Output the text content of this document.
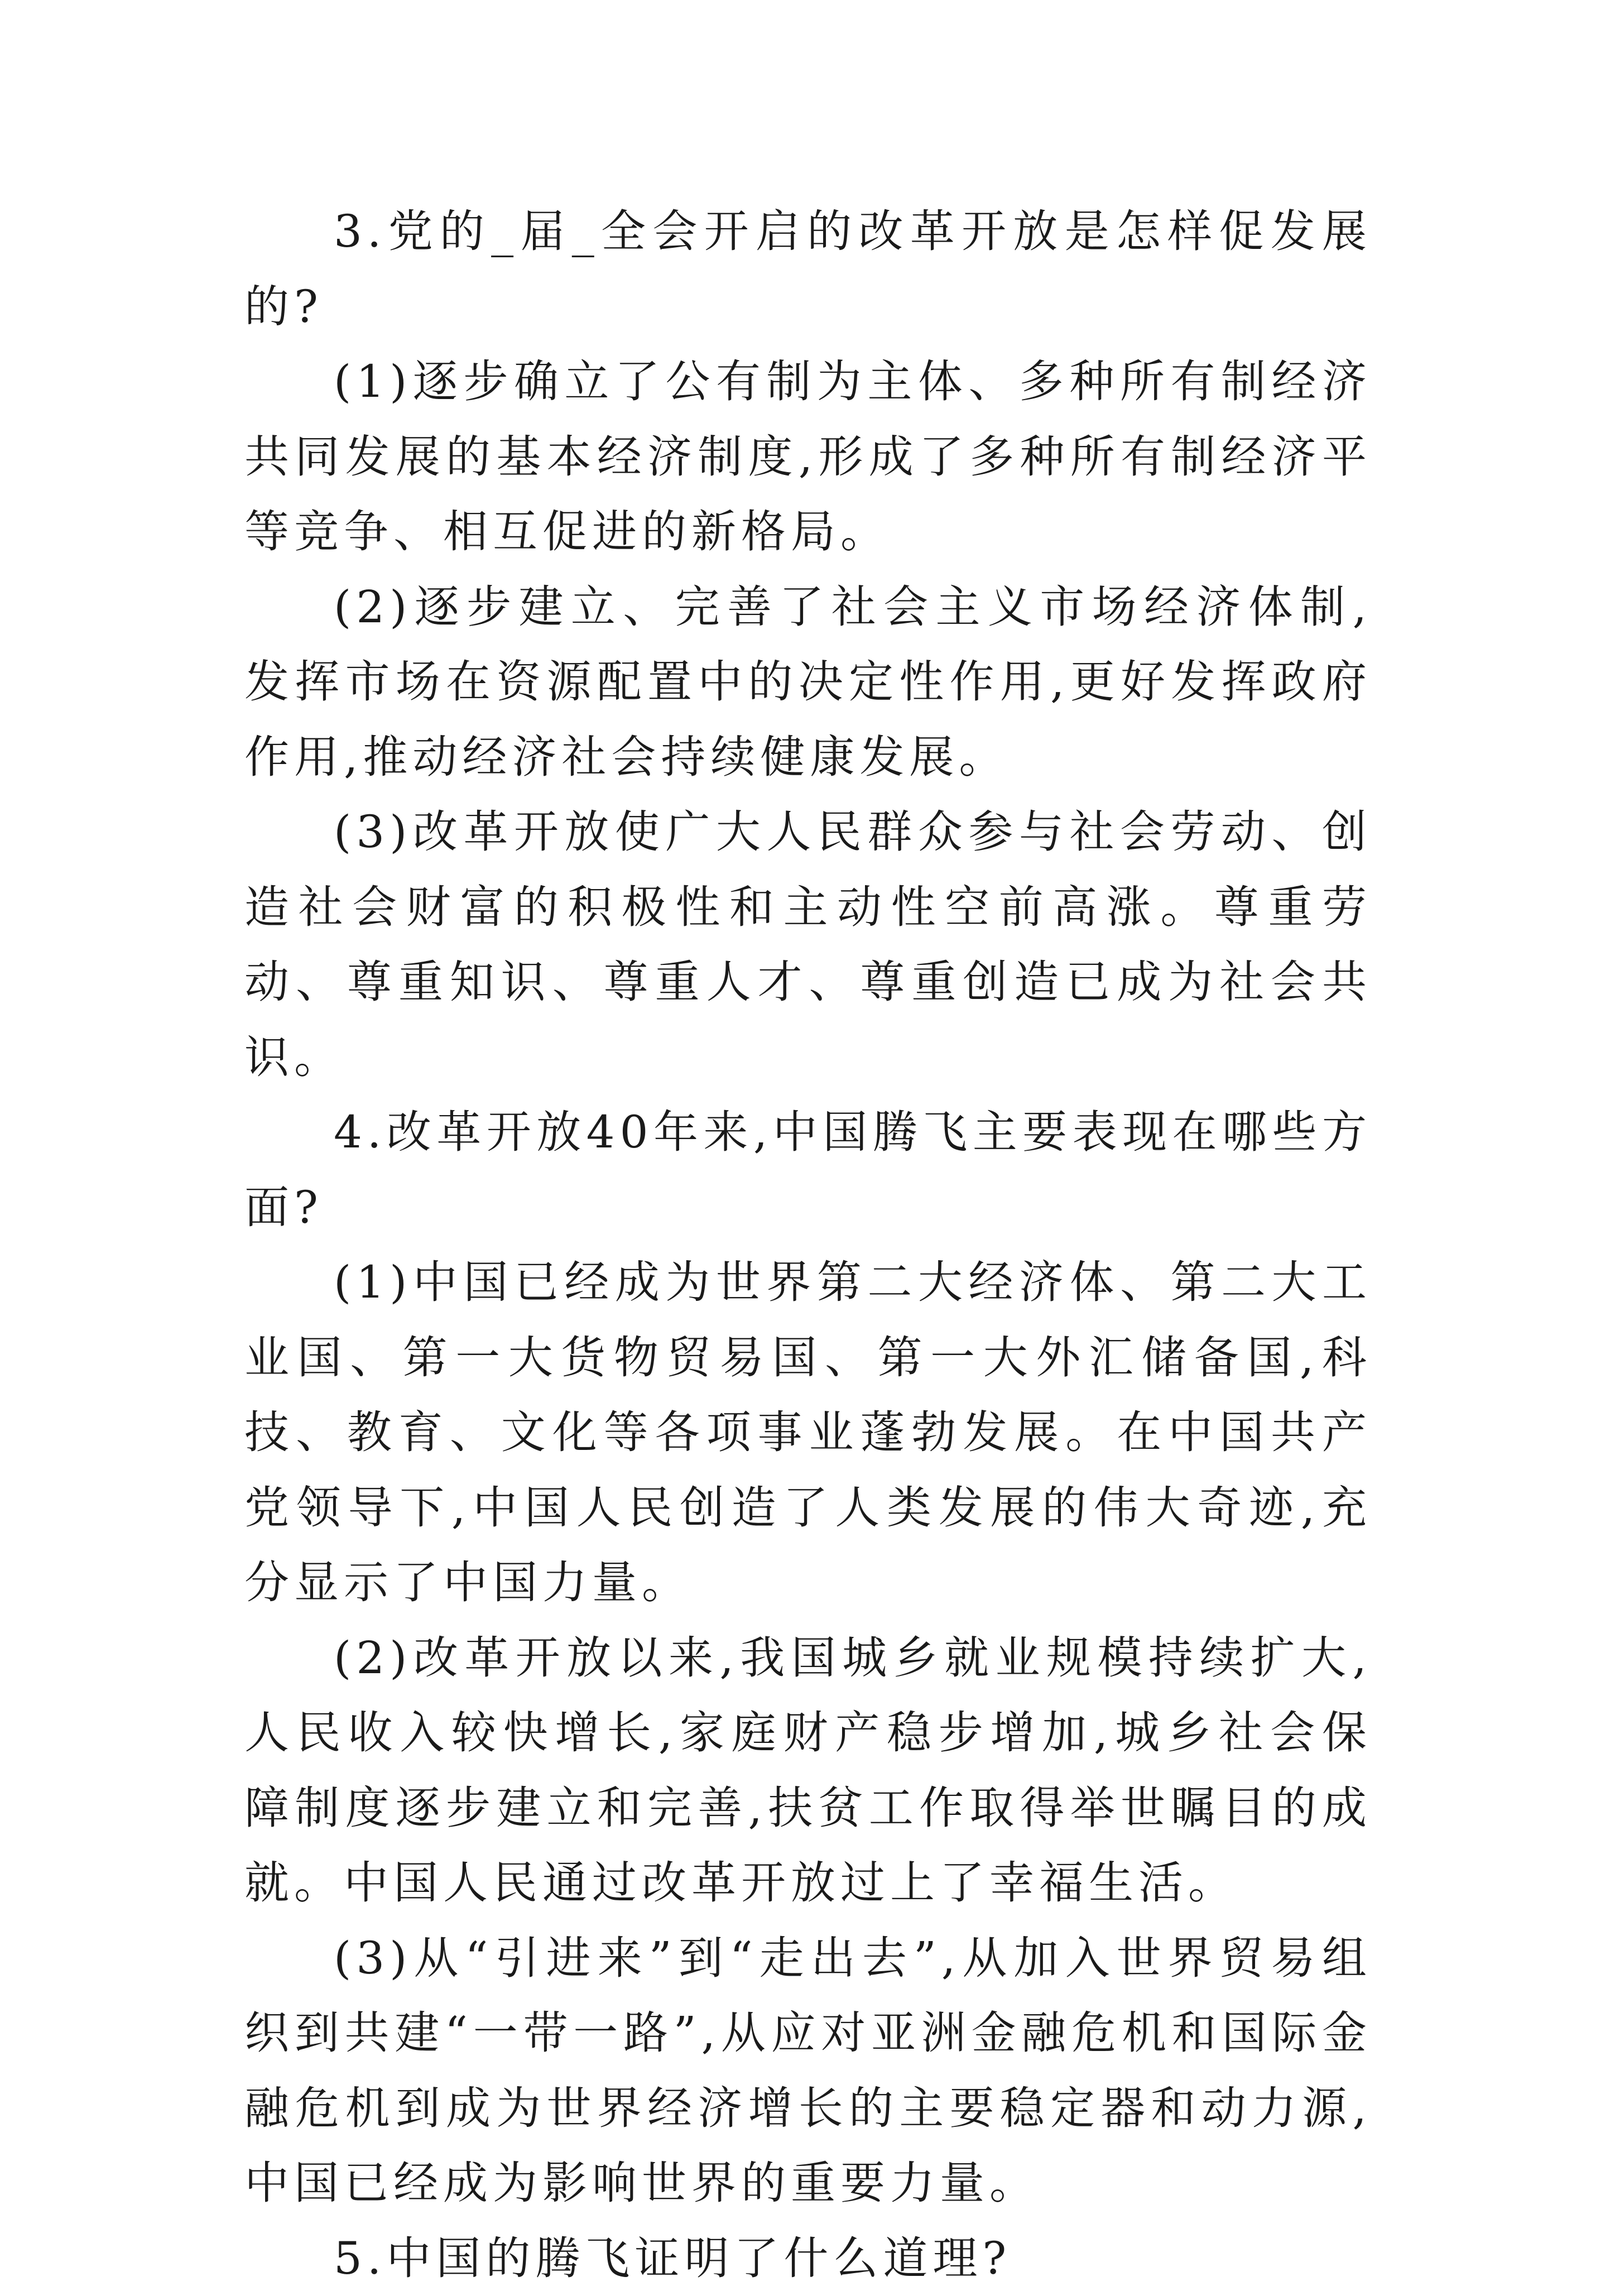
3.党的_届_全会开启的改革开放是怎样促发展的?

(1)逐步确立了公有制为主体、多种所有制经济共同发展的基本经济制度,形成了多种所有制经济平等竞争、相互促进的新格局。

(2)逐步建立、完善了社会主义市场经济体制,发挥市场在资源配置中的决定性作用,更好发挥政府作用,推动经济社会持续健康发展。

(3)改革开放使广大人民群众参与社会劳动、创造社会财富的积极性和主动性空前高涨。尊重劳动、尊重知识、尊重人才、尊重创造已成为社会共识。

4.改革开放40年来,中国腾飞主要表现在哪些方面?

(1)中国已经成为世界第二大经济体、第二大工业国、第一大货物贸易国、第一大外汇储备国,科技、教育、文化等各项事业蓬勃发展。在中国共产党领导下,中国人民创造了人类发展的伟大奇迹,充分显示了中国力量。

(2)改革开放以来,我国城乡就业规模持续扩大,人民收入较快增长,家庭财产稳步增加,城乡社会保障制度逐步建立和完善,扶贫工作取得举世瞩目的成就。中国人民通过改革开放过上了幸福生活。

(3)从“引进来”到“走出去”,从加入世界贸易组织到共建“一带一路”,从应对亚洲金融危机和国际金融危机到成为世界经济增长的主要稳定器和动力源,中国已经成为影响世界的重要力量。

5.中国的腾飞证明了什么道理?
